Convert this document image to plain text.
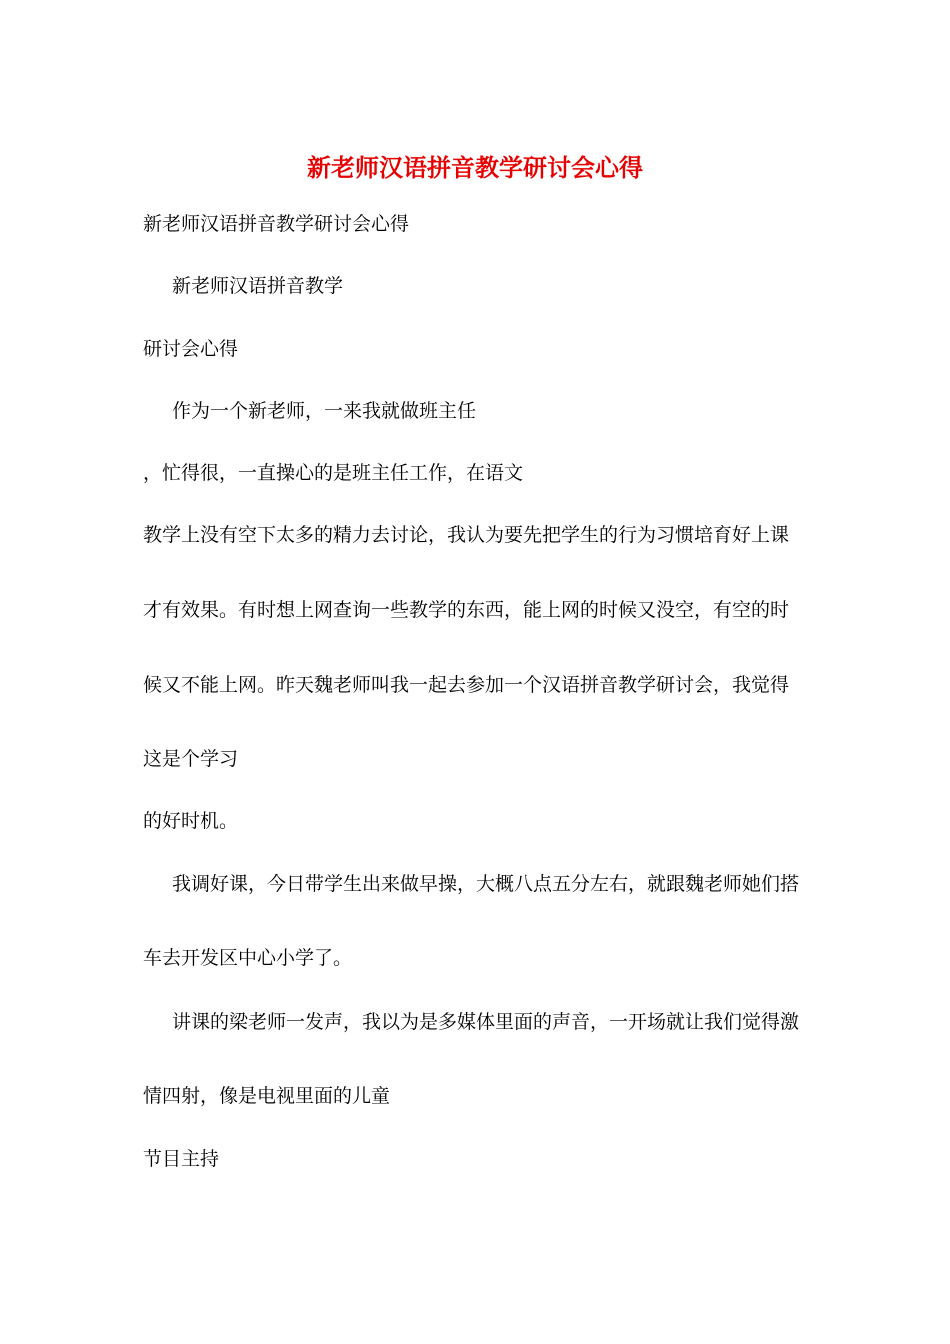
新老师汉语拼音教学研讨会心得
新老师汉语拼音教学研讨会心得
新老师汉语拼音教学
研讨会心得
作为一个新老师，一来我就做班主任
，忙得很，一直操心的是班主任工作，在语文
教学上没有空下太多的精力去讨论，我认为要先把学生的行为习惯培育好上课
才有效果。有时想上网查询一些教学的东西，能上网的时候又没空，有空的时
候又不能上网。昨天魏老师叫我一起去参加一个汉语拼音教学研讨会，我觉得
这是个学习
的好时机。
我调好课，今日带学生出来做早操，大概八点五分左右，就跟魏老师她们搭
车去开发区中心小学了。
讲课的梁老师一发声，我以为是多媒体里面的声音，一开场就让我们觉得激
情四射，像是电视里面的儿童
节目主持
